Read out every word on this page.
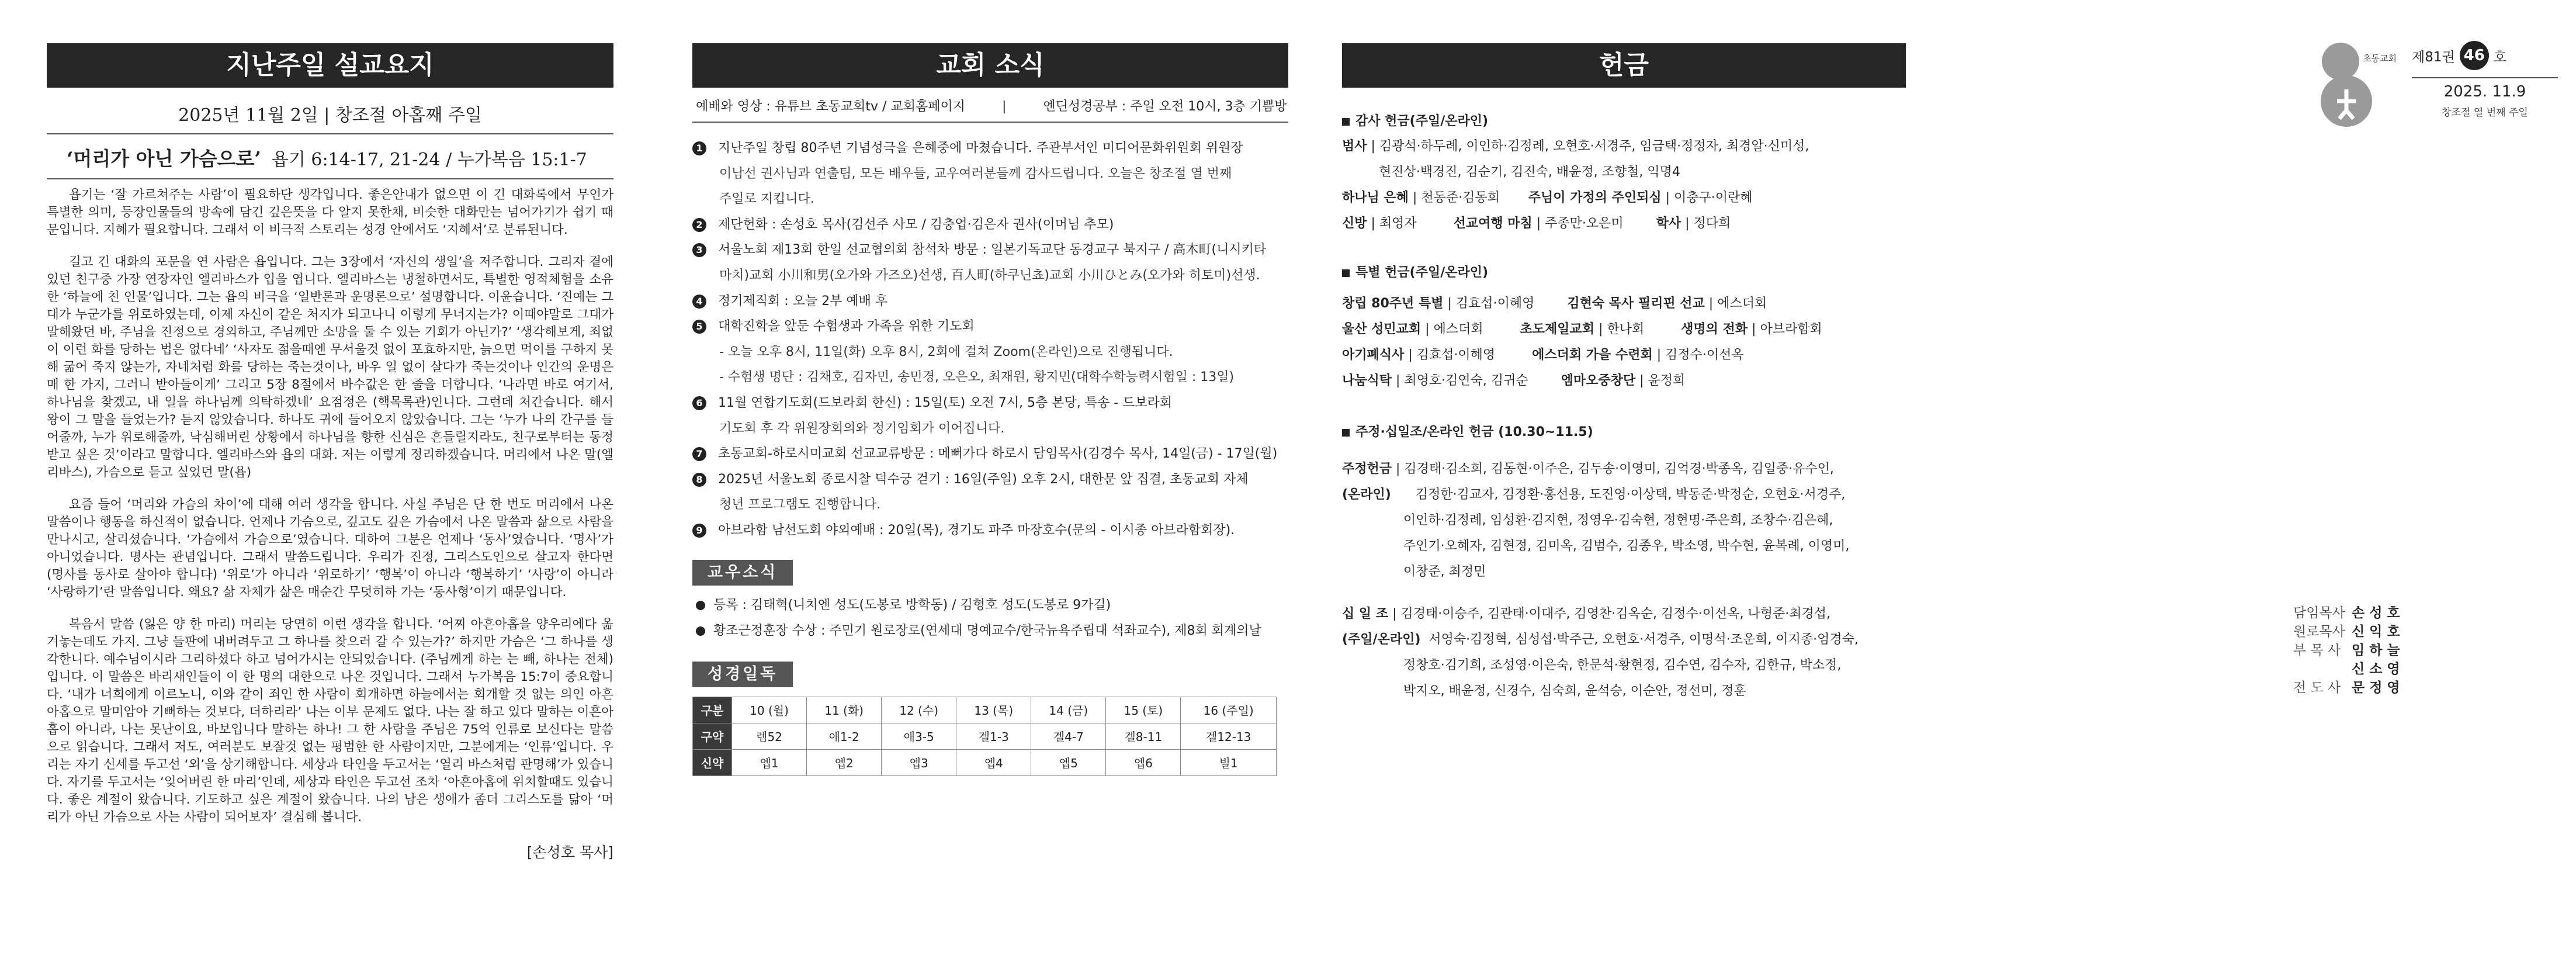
지난주일 설교요지
2025년 11월 2일 | 창조절 아홉째 주일
‘머리가 아닌 가슴으로’ 욥기 6:14-17, 21-24 / 누가복음 15:1-7

욥기는 ‘잘 가르쳐주는 사람’이 필요하단 생각입니다. 좋은안내가 없으면 이 긴 대화록에서 무언가 특별한 의미, 등장인물들의 방속에 담긴 깊은뜻을 다 알지 못한채, 비슷한 대화만는 넘어가기가 쉽기 때문입니다. 지혜가 필요합니다. 그래서 이 비극적 스토리는 성경 안에서도 ‘지혜서’로 분류된니다.

길고 긴 대화의 포문을 연 사람은 욥입니다. 그는 3장에서 ‘자신의 생일’을 저주합니다. 그리자 곁에 있던 친구중 가장 연장자인 엘리바스가 입을 엽니다. 엘리바스는 냉철하면서도, 특별한 영적체험을 소유한 ‘하늘에 친 인물’입니다. 그는 욥의 비극을 ‘일반론과 운명론으로’ 설명합니다. 이윤습니다. ‘진예는 그대가 누군가를 위로하였는데, 이제 자신이 같은 처지가 되고나니 이렇게 무너지는가? 이때야말로 그대가 말해왔던 바, 주님을 진정으로 경외하고, 주님께만 소망을 둘 수 있는 기회가 아닌가?’ ‘생각해보게, 죄없이 이런 화를 당하는 법은 없다네’ ‘사자도 젊을때엔 무서울것 없이 포효하지만, 늙으면 먹이를 구하지 못해 굶어 죽지 않는가, 자네처럼 화를 당하는 죽는것이나, 바우 일 없이 살다가 죽는것이나 인간의 운명은 매 한 가지, 그러니 받아들이게’ 그리고 5장 8절에서 바수값은 한 줄을 더합니다. ‘나라면 바로 여기서, 하나님을 찾겠고, 내 일을 하나님께 의탁하겠네’ 요점정은 (핵목록관)인니다. 그런데 처간습니다. 해서 왕이 그 말을 들었는가? 듣지 않았습니다. 하나도 귀에 들어오지 않았습니다. 그는 ‘누가 나의 간구를 들어줄까, 누가 위로해줄까, 낙심해버린 상황에서 하나님을 향한 신심은 흔들릴지라도, 친구로부터는 동정받고 싶은 것’이라고 말합니다. 엘리바스와 욥의 대화. 저는 이렇게 정리하겠습니다. 머리에서 나온 말(엘리바스), 가슴으로 듣고 싶었던 말(욥)

요즘 들어 ‘머리와 가슴의 차이’에 대해 여러 생각을 합니다. 사실 주님은 단 한 번도 머리에서 나온 말씀이나 행동을 하신적이 없습니다. 언제나 가슴으로, 깊고도 깊은 가슴에서 나온 말씀과 삶으로 사람을 만나시고, 살리셨습니다. ‘가슴에서 가슴으로’였습니다. 대하여 그분은 언제나 ‘동사’였습니다. ‘명사’가 아니었습니다. 명사는 관념입니다. 그래서 말씀드립니다. 우리가 진정, 그리스도인으로 살고자 한다면 (명사를 동사로 살아야 합니다) ‘위로’가 아니라 ‘위로하기’ ‘행복’이 아니라 ‘행복하기’ ‘사랑’이 아니라 ‘사랑하기’란 말씀입니다. 왜요? 삶 자체가 삶은 매순간 무덧히하 가는 ‘동사형’이기 때문입니다.

복음서 말씀 (잃은 양 한 마리) 머리는 당연히 이런 생각을 합니다. ‘어찌 아흔아홉을 양우리에다 옮겨놓는데도 가지. 그냥 들판에 내버려두고 그 하나를 찾으러 갈 수 있는가?’ 하지만 가슴은 ‘그 하나를 생각한니다. 예수님이시라 그리하셨다 하고 넘어가시는 안되었습니다. (주님께게 하는 는 빼, 하나는 전체)입니다. 이 말씀은 바리새인들이 이 한 명의 대한으로 나온 것입니다. 그래서 누가복음 15:7이 중요합니다. ‘내가 너희에게 이르노니, 이와 같이 죄인 한 사람이 회개하면 하늘에서는 회개할 것 없는 의인 아흔아홉으로 말미암아 기뻐하는 것보다, 더하리라’ 나는 이부 문제도 없다. 나는 잘 하고 있다 말하는 이흔아홉이 아니라, 나는 못난이요, 바보입니다 말하는 하나! 그 한 사람을 주님은 75억 인류로 보신다는 말씀으로 읽습니다. 그래서 저도, 여러분도 보잘것 없는 평범한 한 사람이지만, 그분에게는 ‘인류’입니다. 우리는 자기 신세를 두고선 ‘외’을 상기해합니다. 세상과 타인을 두고서는 ‘열리 바스처럼 판명해’가 있습니다. 자기를 두고서는 ‘잊어버린 한 마리’인데, 세상과 타인은 두고선 조차 ‘아흔아홉에 위치할때도 있습니다. 좋은 계절이 왔습니다. 기도하고 싶은 계절이 왔습니다. 나의 남은 생애가 좀더 그리스도를 닮아 ‘머리가 아닌 가슴으로 사는 사람이 되어보자’ 결심해 봅니다.

[손성호 목사]
교회 소식
예배와 영상 : 유튜브 초동교회tv / 교회홈페이지	|	엔딘성경공부 : 주일 오전 10시, 3층 기쁨방
1 지난주일 창립 80주년 기념성극을 은혜중에 마쳤습니다. 주관부서인 미디어문화위원회 위원장
이남선 권사님과 연출팀, 모든 배우들, 교우여러분들께 감사드립니다. 오늘은 창조절 열 번째
주일로 지킵니다.
2 제단헌화 : 손성호 목사(김선주 사모 / 김충업·김은자 권사(이머님 추모)
3 서울노회 제13회 한일 선교협의회 참석차 방문 : 일본기독교단 동경교구 북지구 / 高木町(니시키타
마치)교회 小川和男(오가와 가즈오)선생, 百人町(하쿠닌쵸)교회 小川ひとみ(오가와 히토미)선생.
4 정기제직회 : 오늘 2부 예배 후
5 대학진학을 앞둔 수험생과 가족을 위한 기도회
- 오늘 오후 8시, 11일(화) 오후 8시, 2회에 걸쳐 Zoom(온라인)으로 진행됩니다.
- 수험생 명단 : 김채호, 김자민, 송민경, 오은오, 최재원, 황지민(대학수학능력시험일 : 13일)
6 11월 연합기도회(드보라회 한신) : 15일(토) 오전 7시, 5층 본당, 특송 - 드보라회
기도회 후 각 위원장회의와 정기임회가 이어집니다.
7 초동교회-하로시미교회 선교교류방문 : 메뻐가다 하로시 담임목사(김경수 목사, 14일(금) - 17일(월)
8 2025년 서울노회 종로시찰 덕수궁 걷기 : 16일(주일) 오후 2시, 대한문 앞 집결, 초동교회 자체
청년 프로그램도 진행합니다.
9 아브라함 남선도회 야외예배 : 20일(목), 경기도 파주 마장호수(문의 - 이시종 아브라함회장).
교우소식
등록 : 김태혁(니치엔 성도(도봉로 방학동) / 김형호 성도(도봉로 9가길)
황조근정훈장 수상 : 주민기 원로장로(연세대 명예교수/한국뉴욕주립대 석좌교수), 제8회 회계의날
성경일독
구분	10 (월)	11 (화)	12 (수)	13 (목)	14 (금)	15 (토)	16 (주일)
구약	렘52	애1-2	애3-5	겔1-3	겔4-7	겔8-11	겔12-13
신약	엡1	엡2	엡3	엡4	엡5	엡6	빌1
헌금
감사 헌금(주일/온라인)
범사 | 김광석·하두례, 이인하·김정례, 오현호·서경주, 임금택·정정자, 최경알·신미성,
현진상·백경진, 김순기, 김진숙, 배윤정, 조향철, 익명4
하나님 은혜 | 천동준·김동희       주님이 가정의 주인되심 | 이충구·이란혜
신방 | 최영자         선교여행 마침 | 주종만·오은미        학사 | 정다희
특별 헌금(주일/온라인)
창립 80주년 특별 | 김효섭·이혜영        김현숙 목사 필리핀 선교 | 에스더회
울산 성민교회 | 에스더회         초도제일교회 | 한나회         생명의 전화 | 아브라함회
아기폐식사 | 김효섭·이혜영         에스더회 가을 수련회 | 김정수·이선옥
나눔식탁 | 최영호·김연숙, 김귀순        엠마오중창단 | 윤정희
주정·십일조/온라인 헌금 (10.30~11.5)
주정헌금 | 김경태·김소희, 김동현·이주은, 김두송·이영미, 김억경·박종옥, 김일중·유수인,
(온라인)      김정한·김교자, 김정환·홍선용, 도진영·이상택, 박동준·박정순, 오현호·서경주,
이인하·김정례, 임성환·김지현, 정영우·김숙현, 정현명·주은희, 조창수·김은혜,
주인기·오혜자, 김현정, 김미옥, 김범수, 김종우, 박소영, 박수현, 윤복례, 이영미,
이창준, 최정민
십 일 조 | 김경태·이승주, 김관태·이대주, 김영찬·김옥순, 김정수·이선옥, 나형준·최경섭,
(주일/온라인)  서영숙·김정혁, 심성섭·박주근, 오현호·서경주, 이명석·조운희, 이지종·엄경숙,
정창호·김기희, 조성영·이은숙, 한문석·황현정, 김수연, 김수자, 김한규, 박소정,
박지오, 배윤정, 신경수, 심숙희, 윤석승, 이순안, 정선미, 정훈
초동교회 제81권 46 호
2025. 11.9
창조절 열 번째 주일
담임목사 손성호
원로목사 신익호
부 목 사 임하늘
신소영
전 도 사 문정영
